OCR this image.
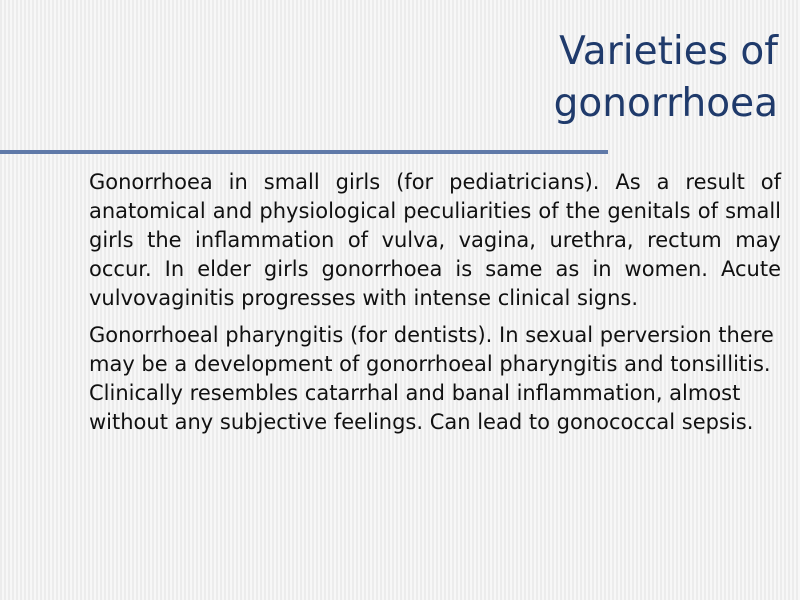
Varieties of
gonorrhoea

Gonorrhoea in small girls (for pediatricians). As a result of anatomical and physiological peculiarities of the genitals of small girls the inflammation of vulva, vagina, urethra, rectum may occur. In elder girls gonorrhoea is same as in women. Acute vulvovaginitis progresses with intense clinical signs.

Gonorrhoeal pharyngitis (for dentists). In sexual perversion there may be a development of gonorrhoeal pharyngitis and tonsillitis. Clinically resembles catarrhal and banal inflammation, almost without any subjective feelings. Can lead to gonococcal sepsis.
